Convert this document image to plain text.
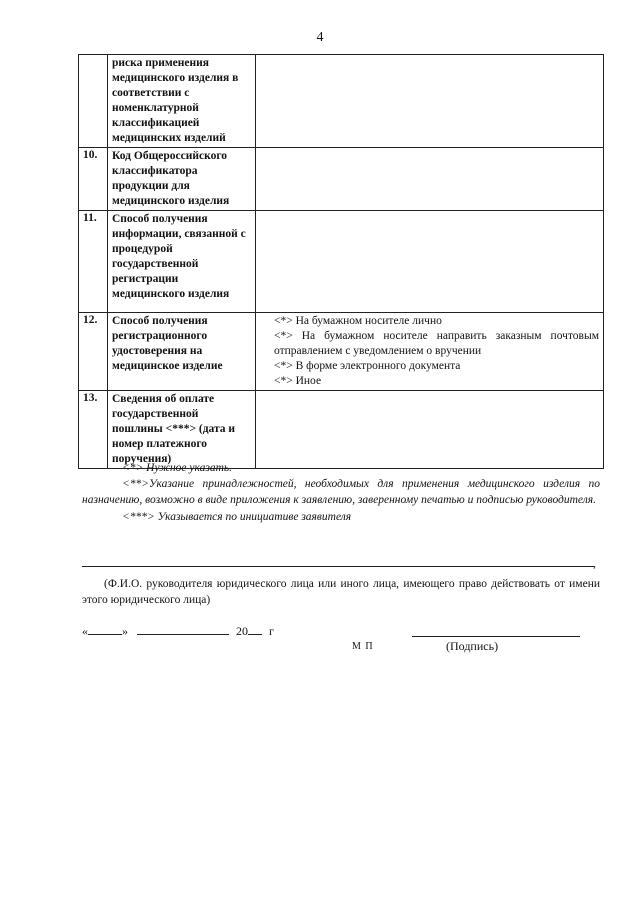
4
	риска применения медицинского изделия в соответствии с номенклатурной классификацией медицинских изделий	
10.	Код Общероссийского классификатора продукции для медицинского изделия	
11.	Способ получения информации, связанной с процедурой государственной регистрации медицинского изделия	
12.	Способ получения регистрационного удостоверения на медицинское изделие	<*> На бумажном носителе лично
<*> На бумажном носителе направить заказным почтовым отправлением с уведомлением о вручении
<*> В форме электронного документа
<*> Иное

13.	Сведения об оплате государственной пошлины <***> (дата и номер платежного поручения)	
<*> Нужное указать.
<**>Указание принадлежностей, необходимых для применения медицинского изделия по назначению, возможно в виде приложения к заявлению, заверенному печатью и подписью руководителя.
<***> Указывается по инициативе заявителя
,
(Ф.И.О. руководителя юридического лица или иного лица, имеющего право действовать от имени этого юридического лица)
«	»	20 г
М П	(Подпись)
